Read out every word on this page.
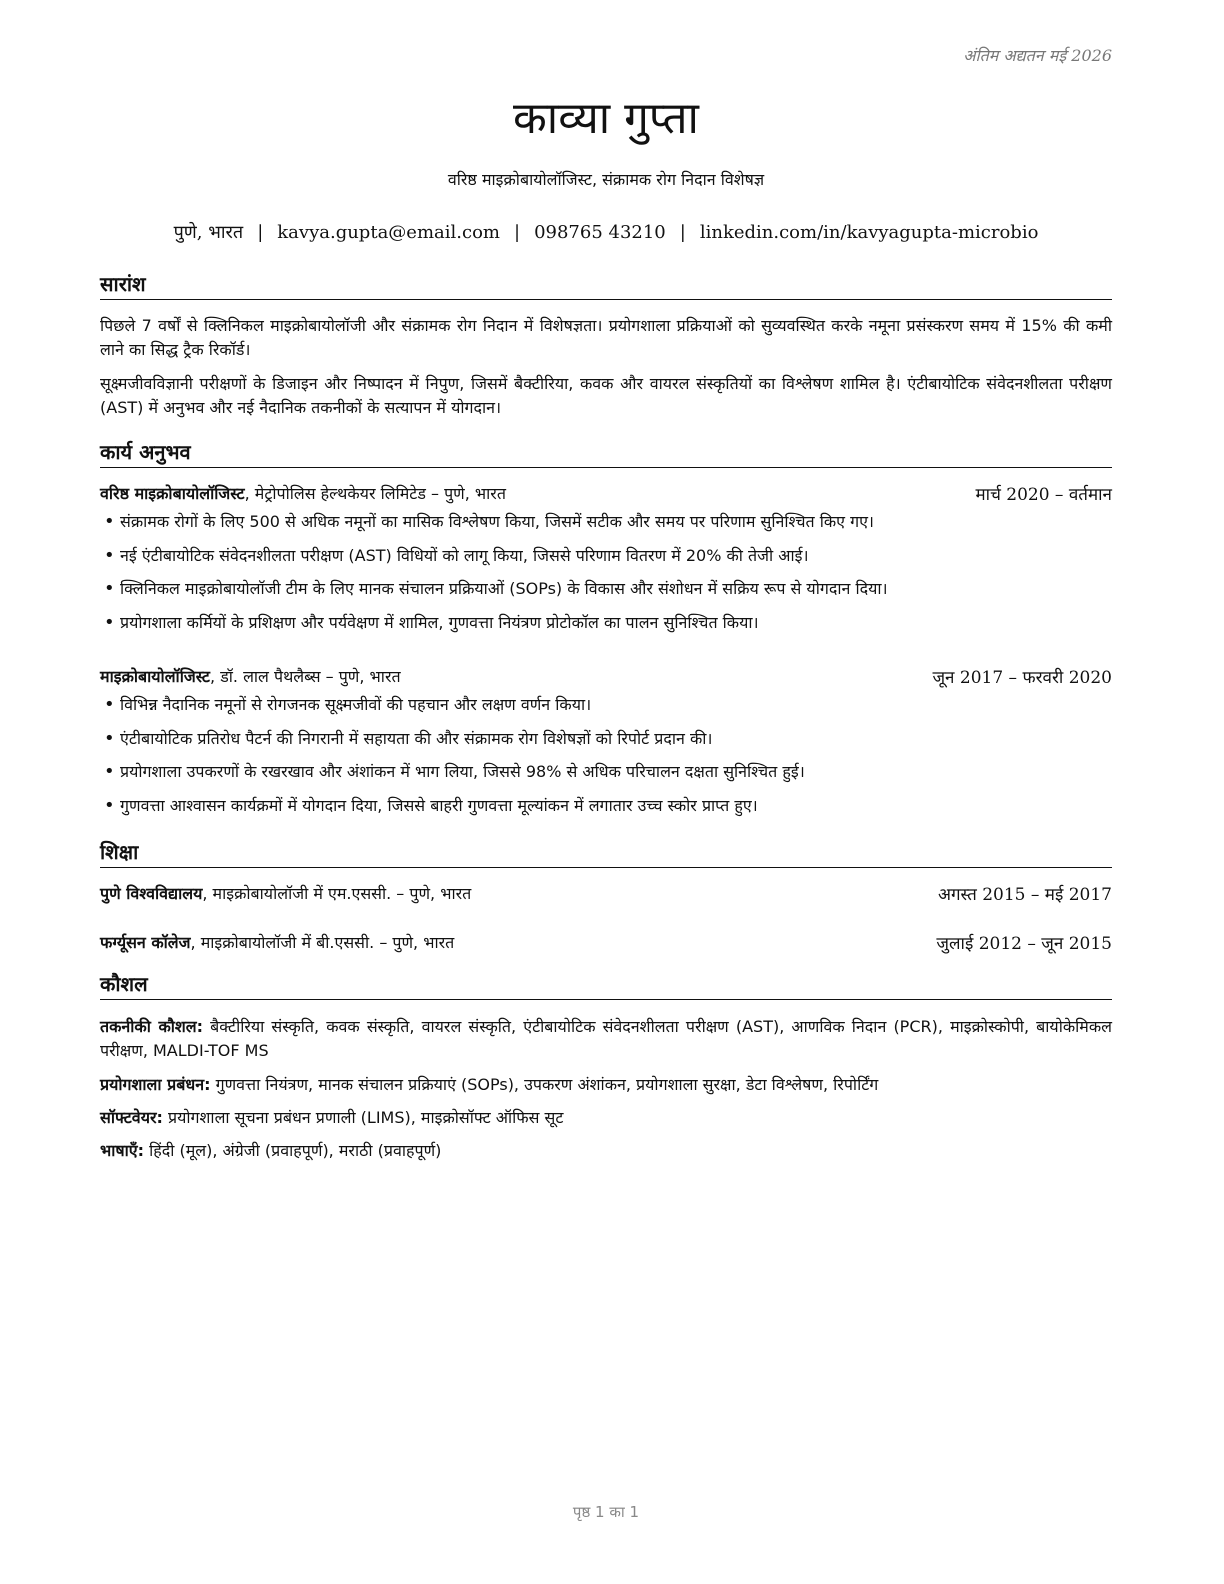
अंतिम अद्यतन मई 2026
काव्या गुप्ता
वरिष्ठ माइक्रोबायोलॉजिस्ट, संक्रामक रोग निदान विशेषज्ञ
पुणे, भारत | kavya.gupta@email.com | 098765 43210 | linkedin.com/in/kavyagupta-microbio
सारांश
पिछले 7 वर्षों से क्लिनिकल माइक्रोबायोलॉजी और संक्रामक रोग निदान में विशेषज्ञता। प्रयोगशाला प्रक्रियाओं को सुव्यवस्थित करके नमूना प्रसंस्करण समय में 15% की कमी लाने का सिद्ध ट्रैक रिकॉर्ड।
सूक्ष्मजीवविज्ञानी परीक्षणों के डिजाइन और निष्पादन में निपुण, जिसमें बैक्टीरिया, कवक और वायरल संस्कृतियों का विश्लेषण शामिल है। एंटीबायोटिक संवेदनशीलता परीक्षण (AST) में अनुभव और नई नैदानिक तकनीकों के सत्यापन में योगदान।
कार्य अनुभव
वरिष्ठ माइक्रोबायोलॉजिस्ट, मेट्रोपोलिस हेल्थकेयर लिमिटेड – पुणे, भारत	मार्च 2020 – वर्तमान
• संक्रामक रोगों के लिए 500 से अधिक नमूनों का मासिक विश्लेषण किया, जिसमें सटीक और समय पर परिणाम सुनिश्चित किए गए।
• नई एंटीबायोटिक संवेदनशीलता परीक्षण (AST) विधियों को लागू किया, जिससे परिणाम वितरण में 20% की तेजी आई।
• क्लिनिकल माइक्रोबायोलॉजी टीम के लिए मानक संचालन प्रक्रियाओं (SOPs) के विकास और संशोधन में सक्रिय रूप से योगदान दिया।
• प्रयोगशाला कर्मियों के प्रशिक्षण और पर्यवेक्षण में शामिल, गुणवत्ता नियंत्रण प्रोटोकॉल का पालन सुनिश्चित किया।
माइक्रोबायोलॉजिस्ट, डॉ. लाल पैथलैब्स – पुणे, भारत	जून 2017 – फरवरी 2020
• विभिन्न नैदानिक नमूनों से रोगजनक सूक्ष्मजीवों की पहचान और लक्षण वर्णन किया।
• एंटीबायोटिक प्रतिरोध पैटर्न की निगरानी में सहायता की और संक्रामक रोग विशेषज्ञों को रिपोर्ट प्रदान की।
• प्रयोगशाला उपकरणों के रखरखाव और अंशांकन में भाग लिया, जिससे 98% से अधिक परिचालन दक्षता सुनिश्चित हुई।
• गुणवत्ता आश्वासन कार्यक्रमों में योगदान दिया, जिससे बाहरी गुणवत्ता मूल्यांकन में लगातार उच्च स्कोर प्राप्त हुए।
शिक्षा
पुणे विश्वविद्यालय, माइक्रोबायोलॉजी में एम.एससी. – पुणे, भारत	अगस्त 2015 – मई 2017
फर्ग्यूसन कॉलेज, माइक्रोबायोलॉजी में बी.एससी. – पुणे, भारत	जुलाई 2012 – जून 2015
कौशल
तकनीकी कौशल: बैक्टीरिया संस्कृति, कवक संस्कृति, वायरल संस्कृति, एंटीबायोटिक संवेदनशीलता परीक्षण (AST), आणविक निदान (PCR), माइक्रोस्कोपी, बायोकेमिकल परीक्षण, MALDI-TOF MS
प्रयोगशाला प्रबंधन: गुणवत्ता नियंत्रण, मानक संचालन प्रक्रियाएं (SOPs), उपकरण अंशांकन, प्रयोगशाला सुरक्षा, डेटा विश्लेषण, रिपोर्टिंग
सॉफ्टवेयर: प्रयोगशाला सूचना प्रबंधन प्रणाली (LIMS), माइक्रोसॉफ्ट ऑफिस सूट
भाषाएँ: हिंदी (मूल), अंग्रेजी (प्रवाहपूर्ण), मराठी (प्रवाहपूर्ण)
पृष्ठ 1 का 1
